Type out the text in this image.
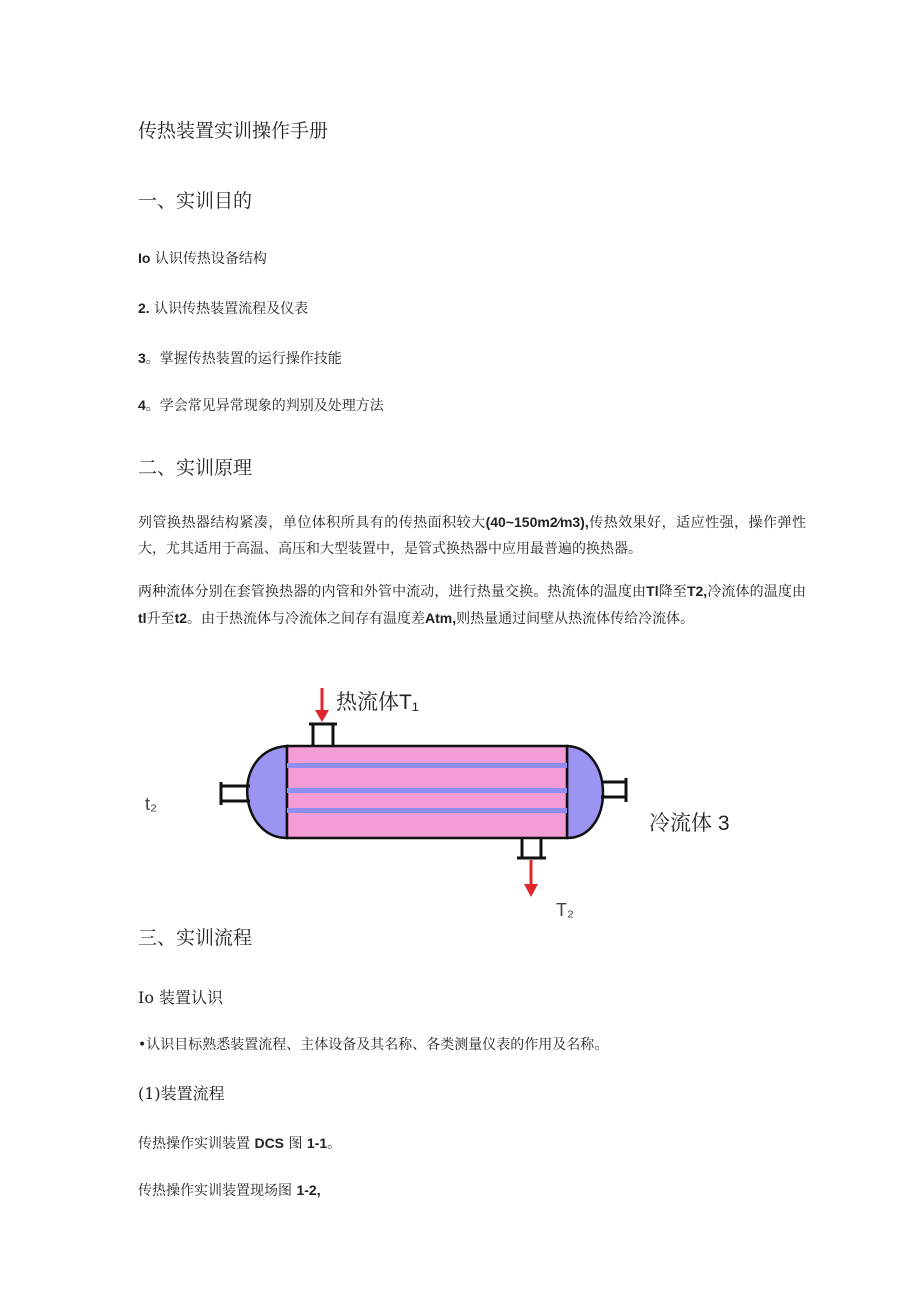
传热装置实训操作手册
一、实训目的
Io 认识传热设备结构
2. 认识传热装置流程及仪表
3。掌握传热装置的运行操作技能
4。学会常见异常现象的判别及处理方法
二、实训原理
列管换热器结构紧凑，单位体积所具有的传热面积较大(40~150m2∕m3),传热效果好，适应性强，操作弹性大，尤其适用于高温、高压和大型装置中，是管式换热器中应用最普遍的换热器。
两种流体分别在套管换热器的内管和外管中流动，进行热量交换。热流体的温度由Tl降至T2,冷流体的温度由tl升至t2。由于热流体与冷流体之间存有温度差Atm,则热量通过间壁从热流体传给冷流体。
热流体T₁
冷流体 3
t₂
T₂
三、实训流程
Io 装置认识
•认识目标熟悉装置流程、主体设备及其名称、各类测量仪表的作用及名称。
(1)装置流程
传热操作实训装置 DCS 图 1-1。
传热操作实训装置现场图 1-2,
